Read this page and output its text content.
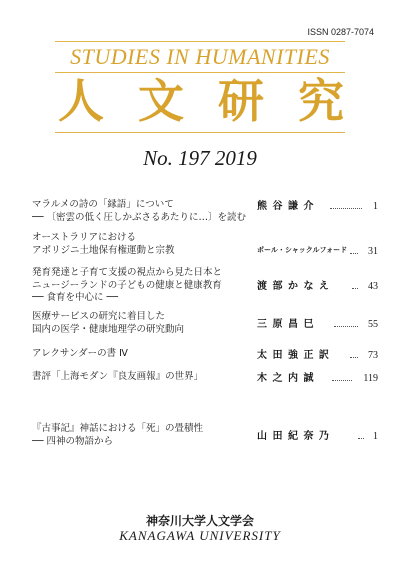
ISSN 0287-7074
STUDIES IN HUMANITIES
人 文 研 究
No. 197 2019
マラルメの詩の「縁語」について
── 〔密雲の低く圧しかぶさるあたりに…〕を読む
熊 谷 謙 介	1
オーストラリアにおける
アボリジニ土地保有権運動と宗教	ポール・シャックルフォード 31
発育発達と子育て支援の視点から見た日本と
ニュージーランドの子どもの健康と健康教育
── 食育を中心に ──
渡 部 か な え	43
医療サービスの研究に着目した
国内の医学・健康地理学の研究動向	三 原 昌 巳	55
アレクサンダーの書 Ⅳ	太 田 強 正 訳	73
書評「上海モダン『良友画報』の世界」	木 之 内 誠	119
『古事記』神話における「死」の畳積性
── 四神の物語から	山 田 紀 奈 乃	1
神奈川大学人文学会
KANAGAWA UNIVERSITY
